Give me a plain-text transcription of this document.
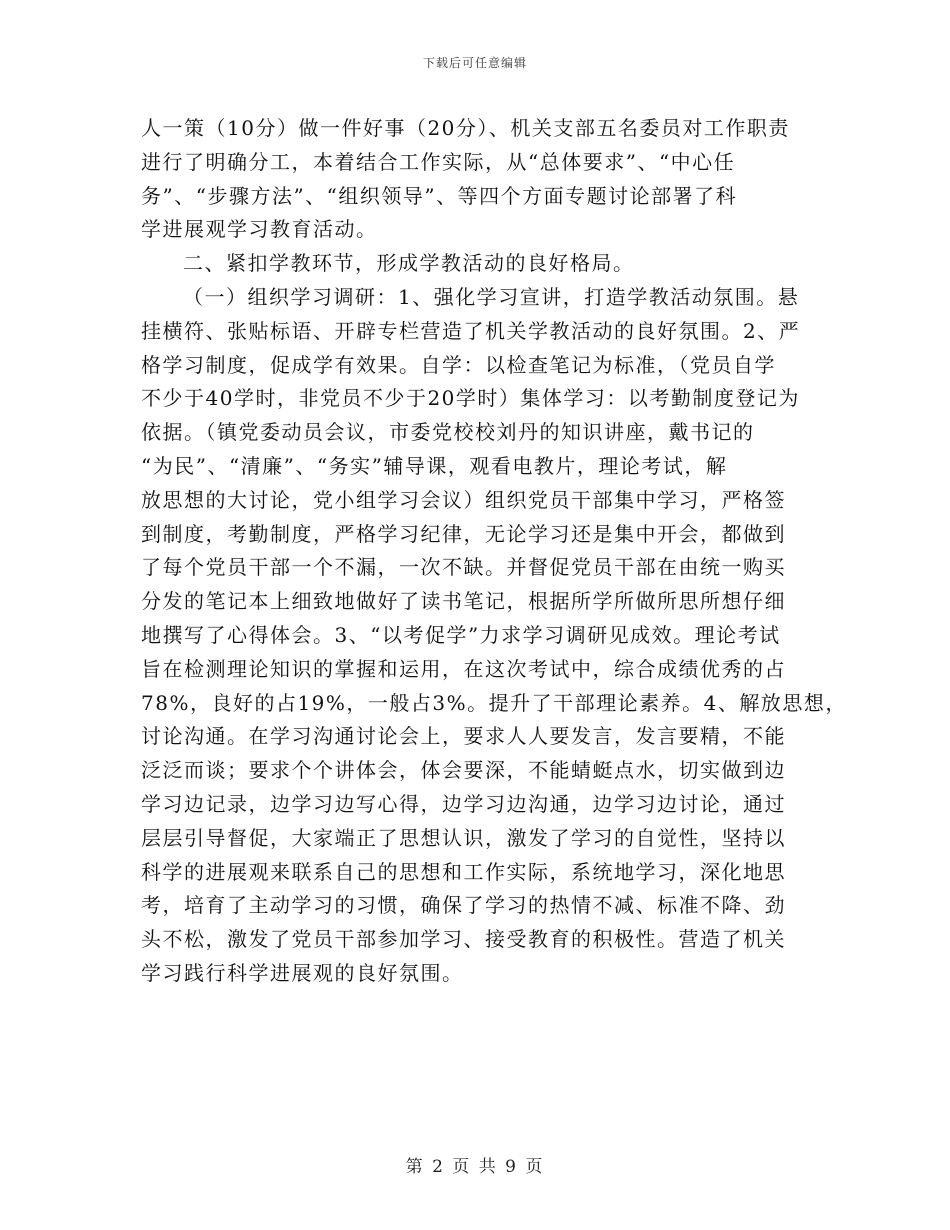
下载后可任意编辑
人一策（10分）做一件好事（20分）、机关支部五名委员对工作职责
进行了明确分工，本着结合工作实际，从“总体要求”、“中心任
务”、“步骤方法”、“组织领导”、等四个方面专题讨论部署了科
学进展观学习教育活动。
二、紧扣学教环节，形成学教活动的良好格局。
（一）组织学习调研：1、强化学习宣讲，打造学教活动氛围。悬
挂横符、张贴标语、开辟专栏营造了机关学教活动的良好氛围。2、严
格学习制度，促成学有效果。自学：以检查笔记为标准，（党员自学
不少于40学时，非党员不少于20学时）集体学习：以考勤制度登记为
依据。（镇党委动员会议，市委党校校刘丹的知识讲座，戴书记的
“为民”、“清廉”、“务实”辅导课，观看电教片，理论考试，解
放思想的大讨论，党小组学习会议）组织党员干部集中学习，严格签
到制度，考勤制度，严格学习纪律，无论学习还是集中开会，都做到
了每个党员干部一个不漏，一次不缺。并督促党员干部在由统一购买
分发的笔记本上细致地做好了读书笔记，根据所学所做所思所想仔细
地撰写了心得体会。3、“以考促学”力求学习调研见成效。理论考试
旨在检测理论知识的掌握和运用，在这次考试中，综合成绩优秀的占
78%，良好的占19%，一般占3%。提升了干部理论素养。4、解放思想，
讨论沟通。在学习沟通讨论会上，要求人人要发言，发言要精，不能
泛泛而谈；要求个个讲体会，体会要深，不能蜻蜓点水，切实做到边
学习边记录，边学习边写心得，边学习边沟通，边学习边讨论，通过
层层引导督促，大家端正了思想认识，激发了学习的自觉性，坚持以
科学的进展观来联系自己的思想和工作实际，系统地学习，深化地思
考，培育了主动学习的习惯，确保了学习的热情不减、标准不降、劲
头不松，激发了党员干部参加学习、接受教育的积极性。营造了机关
学习践行科学进展观的良好氛围。
第 2 页 共 9 页
